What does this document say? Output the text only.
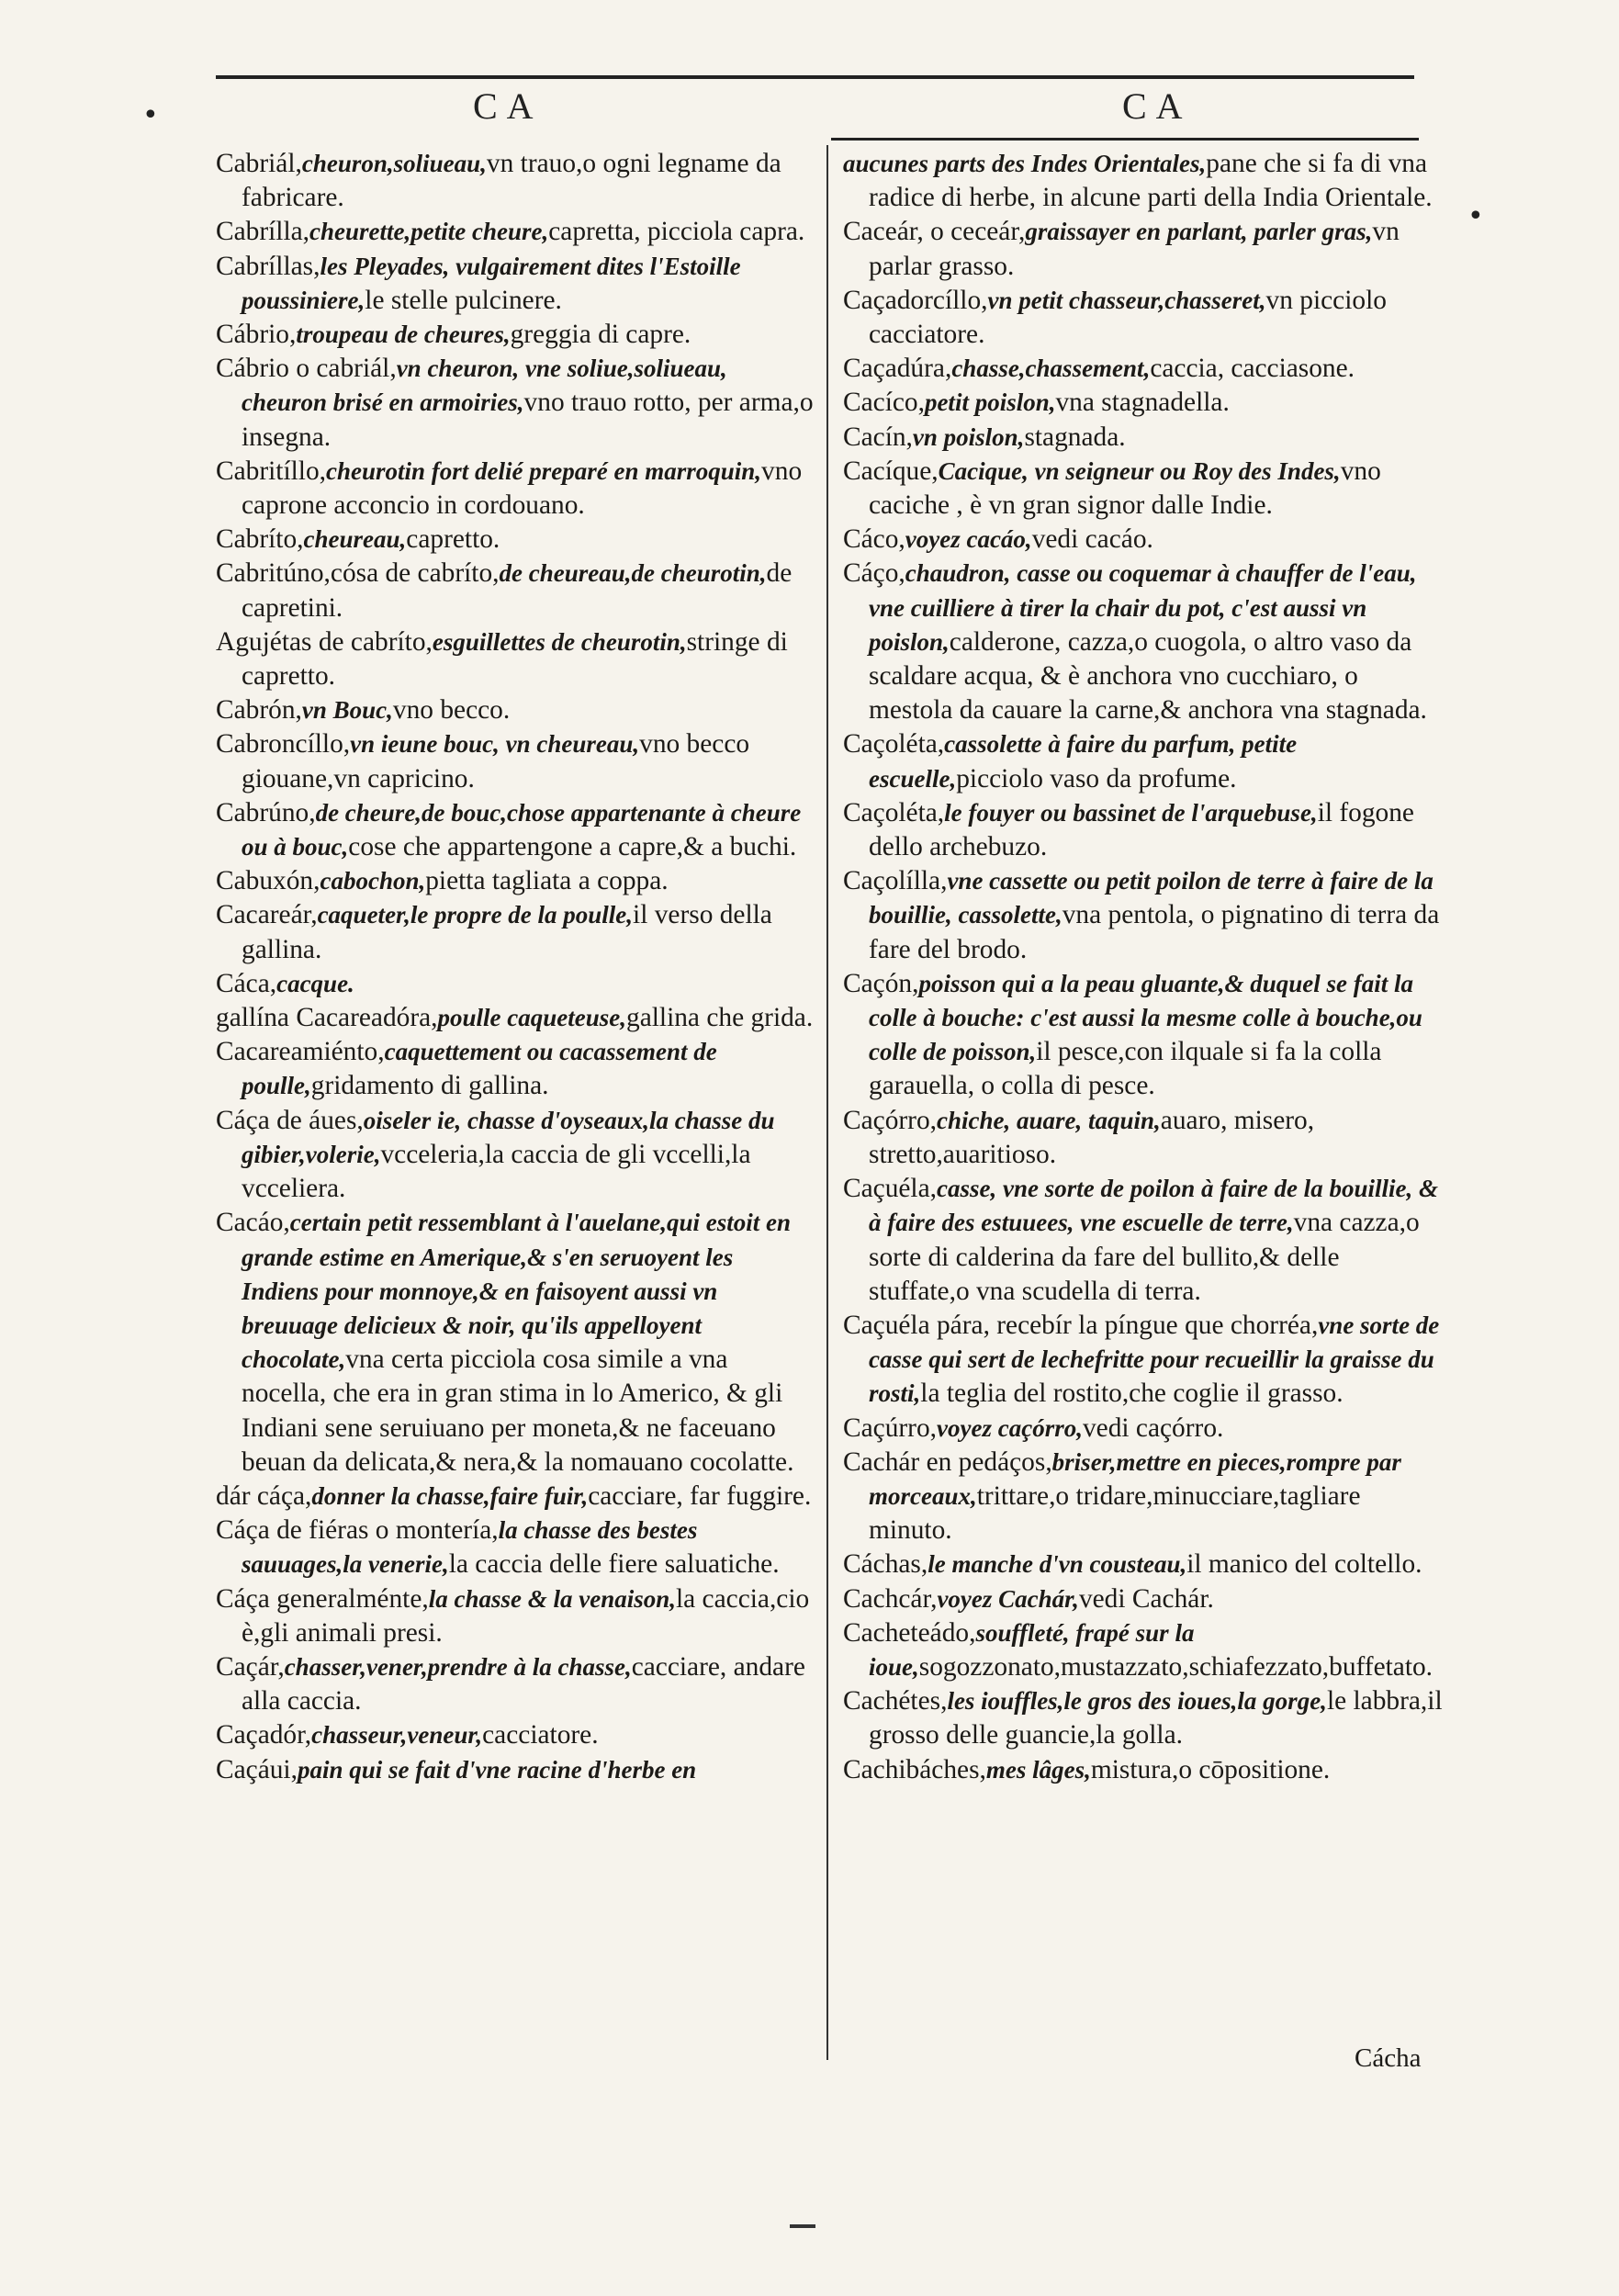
CA	CA
•
•
Cabriál,cheuron,soliueau,vn trauo,o ogni legname da fabricare.
Cabrílla,cheurette,petite cheure,capretta, picciola capra.
Cabríllas,les Pleyades, vulgairement dites l'Estoille poussiniere,le stelle pulcinere.
Cábrio,troupeau de cheures,greggia di capre.
Cábrio o cabriál,vn cheuron, vne soliue,soliueau, cheuron brisé en armoiries,vno trauo rotto, per arma,o insegna.
Cabritíllo,cheurotin fort delié preparé en marroquin,vno caprone acconcio in cordouano.
Cabríto,cheureau,capretto.
Cabritúno,cósa de cabríto,de cheureau,de cheurotin,de capretini.
Agujétas de cabríto,esguillettes de cheurotin,stringe di capretto.
Cabrón,vn Bouc,vno becco.
Cabroncíllo,vn ieune bouc, vn cheureau,vno becco giouane,vn capricino.
Cabrúno,de cheure,de bouc,chose appartenante à cheure ou à bouc,cose che appartengone a capre,& a buchi.
Cabuxón,cabochon,pietta tagliata a coppa.
Cacareár,caqueter,le propre de la poulle,il verso della gallina.
Cáca,cacque.
gallína Cacareadóra,poulle caqueteuse,gallina che grida.
Cacareamiénto,caquettement ou cacassement de poulle,gridamento di gallina.
Cáça de áues,oiseler ie, chasse d'oyseaux,la chasse du gibier,volerie,vcceleria,la caccia de gli vccelli,la vcceliera.
Cacáo,certain petit ressemblant à l'auelane,qui estoit en grande estime en Amerique,& s'en seruoyent les Indiens pour monnoye,& en faisoyent aussi vn breuuage delicieux & noir, qu'ils appelloyent chocolate,vna certa picciola cosa simile a vna nocella, che era in gran stima in lo Americo, & gli Indiani sene seruiuano per moneta,& ne faceuano beuan da delicata,& nera,& la nomauano cocolatte.
dár cáça,donner la chasse,faire fuir,cacciare, far fuggire.
Cáça de fiéras o montería,la chasse des bestes sauuages,la venerie,la caccia delle fiere saluatiche.
Cáça generalménte,la chasse & la venaison,la caccia,cio è,gli animali presi.
Caçár,chasser,vener,prendre à la chasse,cacciare, andare alla caccia.
Caçadór,chasseur,veneur,cacciatore.
Caçáui,pain qui se fait d'vne racine d'herbe en
aucunes parts des Indes Orientales,pane che si fa di vna radice di herbe, in alcune parti della India Orientale.
Caceár, o ceceár,graissayer en parlant, parler gras,vn parlar grasso.
Caçadorcíllo,vn petit chasseur,chasseret,vn picciolo cacciatore.
Caçadúra,chasse,chassement,caccia, cacciasone.
Cacíco,petit poislon,vna stagnadella.
Cacín,vn poislon,stagnada.
Cacíque,Cacique, vn seigneur ou Roy des Indes,vno caciche , è vn gran signor dalle Indie.
Cáco,voyez cacáo,vedi cacáo.
Cáço,chaudron, casse ou coquemar à chauffer de l'eau, vne cuilliere à tirer la chair du pot, c'est aussi vn poislon,calderone, cazza,o cuogola, o altro vaso da scaldare acqua, & è anchora vno cucchiaro, o mestola da cauare la carne,& anchora vna stagnada.
Caçoléta,cassolette à faire du parfum, petite escuelle,picciolo vaso da profume.
Caçoléta,le fouyer ou bassinet de l'arquebuse,il fogone dello archebuzo.
Caçolílla,vne cassette ou petit poilon de terre à faire de la bouillie, cassolette,vna pentola, o pignatino di terra da fare del brodo.
Caçón,poisson qui a la peau gluante,& duquel se fait la colle à bouche: c'est aussi la mesme colle à bouche,ou colle de poisson,il pesce,con ilquale si fa la colla garauella, o colla di pesce.
Caçórro,chiche, auare, taquin,auaro, misero, stretto,auaritioso.
Caçuéla,casse, vne sorte de poilon à faire de la bouillie, & à faire des estuuees, vne escuelle de terre,vna cazza,o sorte di calderina da fare del bullito,& delle stuffate,o vna scudella di terra.
Caçuéla pára, recebír la píngue que chorréa,vne sorte de casse qui sert de lechefritte pour recueillir la graisse du rosti,la teglia del rostito,che coglie il grasso.
Caçúrro,voyez caçórro,vedi caçórro.
Cachár en pedáços,briser,mettre en pieces,rompre par morceaux,trittare,o tridare,minucciare,tagliare minuto.
Cáchas,le manche d'vn cousteau,il manico del coltello.
Cachcár,voyez Cachár,vedi Cachár.
Cacheteádo,souffleté, frapé sur la ioue,sogozzonato,mustazzato,schiafezzato,buffetato.
Cachétes,les iouffles,le gros des ioues,la gorge,le labbra,il grosso delle guancie,la golla.
Cachibáches,mes lâges,mistura,o cōpositione.
Cácha
